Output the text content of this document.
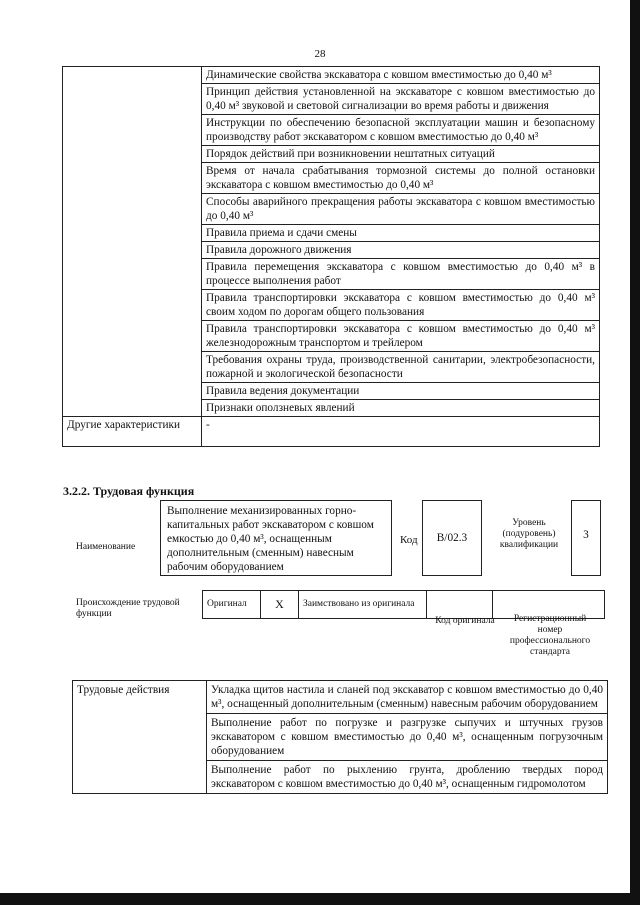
28
	Динамические свойства экскаватора с ковшом вместимостью до 0,40 м³
	Принцип действия установленной на экскаваторе с ковшом вместимостью до 0,40 м³ звуковой и световой сигнализации во время работы и движения
	Инструкции по обеспечению безопасной эксплуатации машин и безопасному производству работ экскаватором с ковшом вместимостью до 0,40 м³
	Порядок действий при возникновении нештатных ситуаций
	Время от начала срабатывания тормозной системы до полной остановки экскаватора с ковшом вместимостью до 0,40 м³
	Способы аварийного прекращения работы экскаватора с ковшом вместимостью до 0,40 м³
	Правила приема и сдачи смены
	Правила дорожного движения
	Правила перемещения экскаватора с ковшом вместимостью до 0,40 м³ в процессе выполнения работ
	Правила транспортировки экскаватора с ковшом вместимостью до 0,40 м³ своим ходом по дорогам общего пользования
	Правила транспортировки экскаватора с ковшом вместимостью до 0,40 м³ железнодорожным транспортом и трейлером
	Требования охраны труда, производственной санитарии, электробезопасности, пожарной и экологической безопасности
	Правила ведения документации
	Признаки оползневых явлений
Другие характеристики	-
3.2.2. Трудовая функция
Наименование
Выполнение механизированных горно-капитальных работ экскаватором с ковшом емкостью до 0,40 м³, оснащенным дополнительным (сменным) навесным рабочим оборудованием
Код	B/02.3
Уровень (подуровень) квалификации
3
Происхождение трудовой функции
Оригинал	X	Заимствовано из оригинала		
Код оригинала	Регистрационный номер профессионального стандарта
Трудовые действия	Укладка щитов настила и сланей под экскаватор с ковшом вместимостью до 0,40 м³, оснащенный дополнительным (сменным) навесным рабочим оборудованием
Выполнение работ по погрузке и разгрузке сыпучих и штучных грузов экскаватором с ковшом вместимостью до 0,40 м³, оснащенным погрузочным оборудованием
Выполнение работ по рыхлению грунта, дроблению твердых пород экскаватором с ковшом вместимостью до 0,40 м³, оснащенным гидромолотом
